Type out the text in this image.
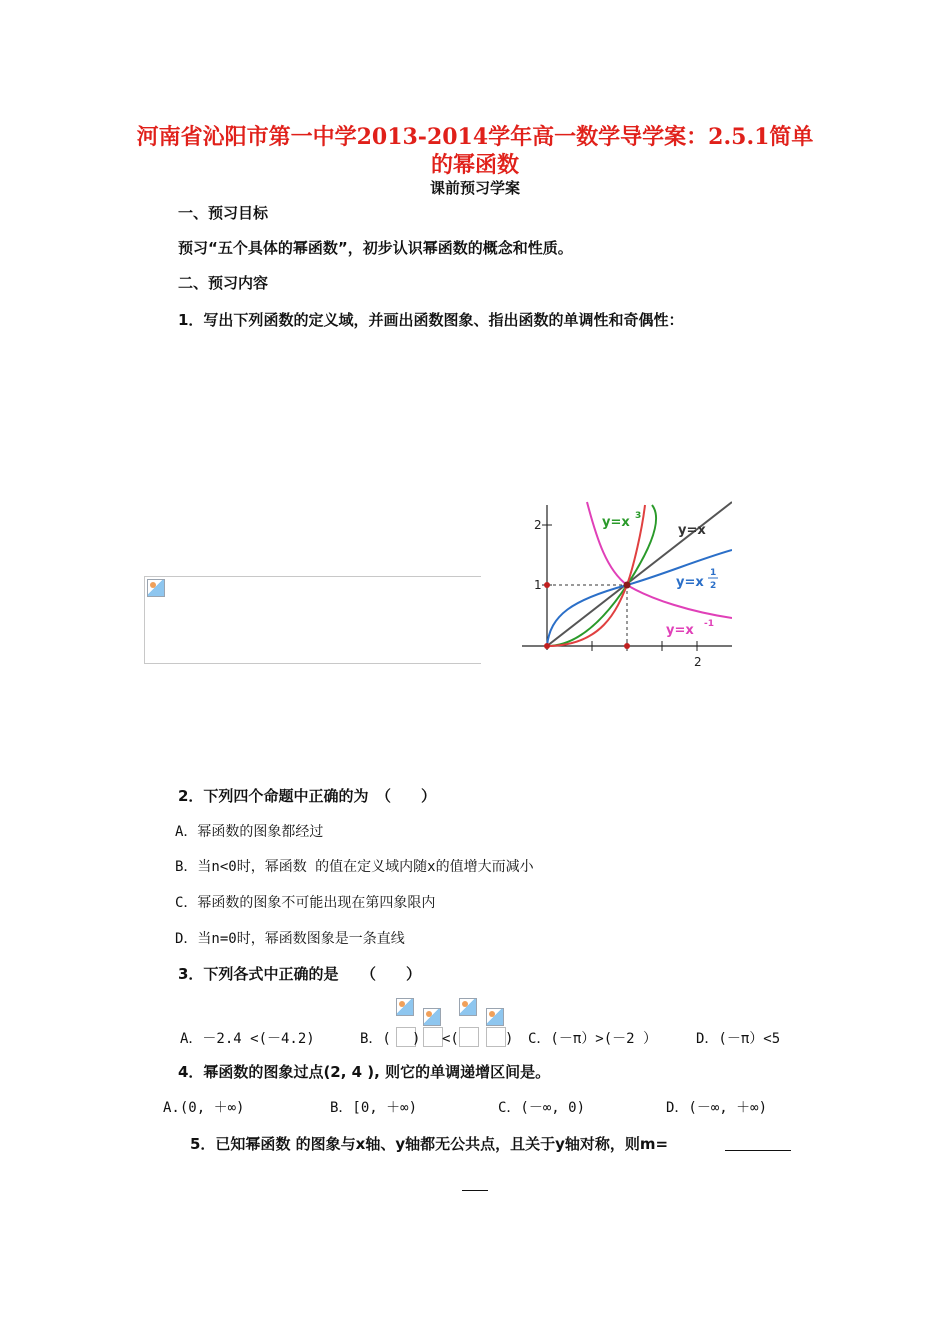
河南省沁阳市第一中学2013-2014学年高一数学导学案：2.5.1简单
的幂函数
课前预习学案
一、预习目标
预习“五个具体的幂函数”，初步认识幂函数的概念和性质。
二、预习内容
1．写出下列函数的定义域，并画出函数图象、指出函数的单调性和奇偶性：
2
1
2
y=x 3
y=x
y=x
1
2
y=x -1
2．下列四个命题中正确的为　（　　）
A．幂函数的图象都经过
B．当n<0时，幂函数 的值在定义域内随x的值增大而减小
C．幂函数的图象不可能出现在第四象限内
D．当n=0时，幂函数图象是一条直线
3．下列各式中正确的是　　（　　）
A．－2.4 <(－4.2)	B．( ) <(	) C．(－π）>(－2 ）	D．(－π）<5
4．幂函数的图象过点(2, 4 ), 则它的单调递增区间是。
A.(0, ＋∞)	B．[0, ＋∞)	C．(－∞, 0)	D．(－∞, ＋∞)
5．已知幂函数 的图象与x轴、y轴都无公共点，且关于y轴对称，则m=
